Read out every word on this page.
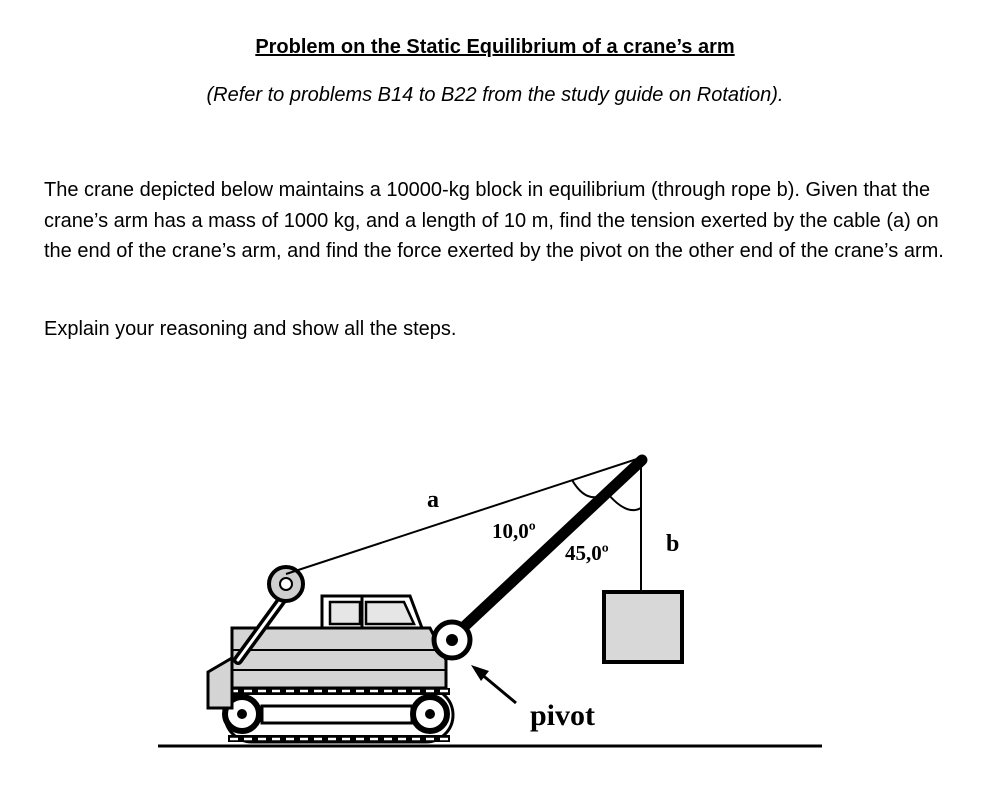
Problem on the Static Equilibrium of a crane’s arm

(Refer to problems B14 to B22 from the study guide on Rotation).

The crane depicted below maintains a 10000-kg block in equilibrium (through rope b). Given that the crane’s arm has a mass of 1000 kg, and a length of 10 m, find the tension exerted by the cable (a) on the end of the crane’s arm, and find the force exerted by the pivot on the other end of the crane’s arm.

Explain your reasoning and show all the steps.

a
b
10,0º
45,0º
pivot
